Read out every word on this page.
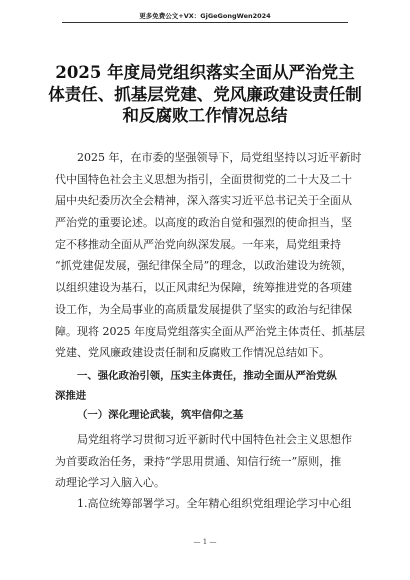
更多免费公文+VX：GjGeGongWen2024
2025 年度局党组织落实全面从严治党主
体责任、抓基层党建、党风廉政建设责任制
和反腐败工作情况总结
2025 年，在市委的坚强领导下，局党组坚持以习近平新时
代中国特色社会主义思想为指引，全面贯彻党的二十大及二十
届中央纪委历次全会精神，深入落实习近平总书记关于全面从
严治党的重要论述。以高度的政治自觉和强烈的使命担当，坚
定不移推动全面从严治党向纵深发展。一年来，局党组秉持
“抓党建促发展，强纪律保全局”的理念，以政治建设为统领，
以组织建设为基石，以正风肃纪为保障，统筹推进党的各项建
设工作，为全局事业的高质量发展提供了坚实的政治与纪律保
障。现将 2025 年度局党组落实全面从严治党主体责任、抓基层
党建、党风廉政建设责任制和反腐败工作情况总结如下。
一、强化政治引领，压实主体责任，推动全面从严治党纵
深推进
（一）深化理论武装，筑牢信仰之基
局党组将学习贯彻习近平新时代中国特色社会主义思想作
为首要政治任务，秉持“学思用贯通、知信行统一”原则，推
动理论学习入脑入心。
1.高位统筹部署学习。全年精心组织党组理论学习中心组
— 1 —
